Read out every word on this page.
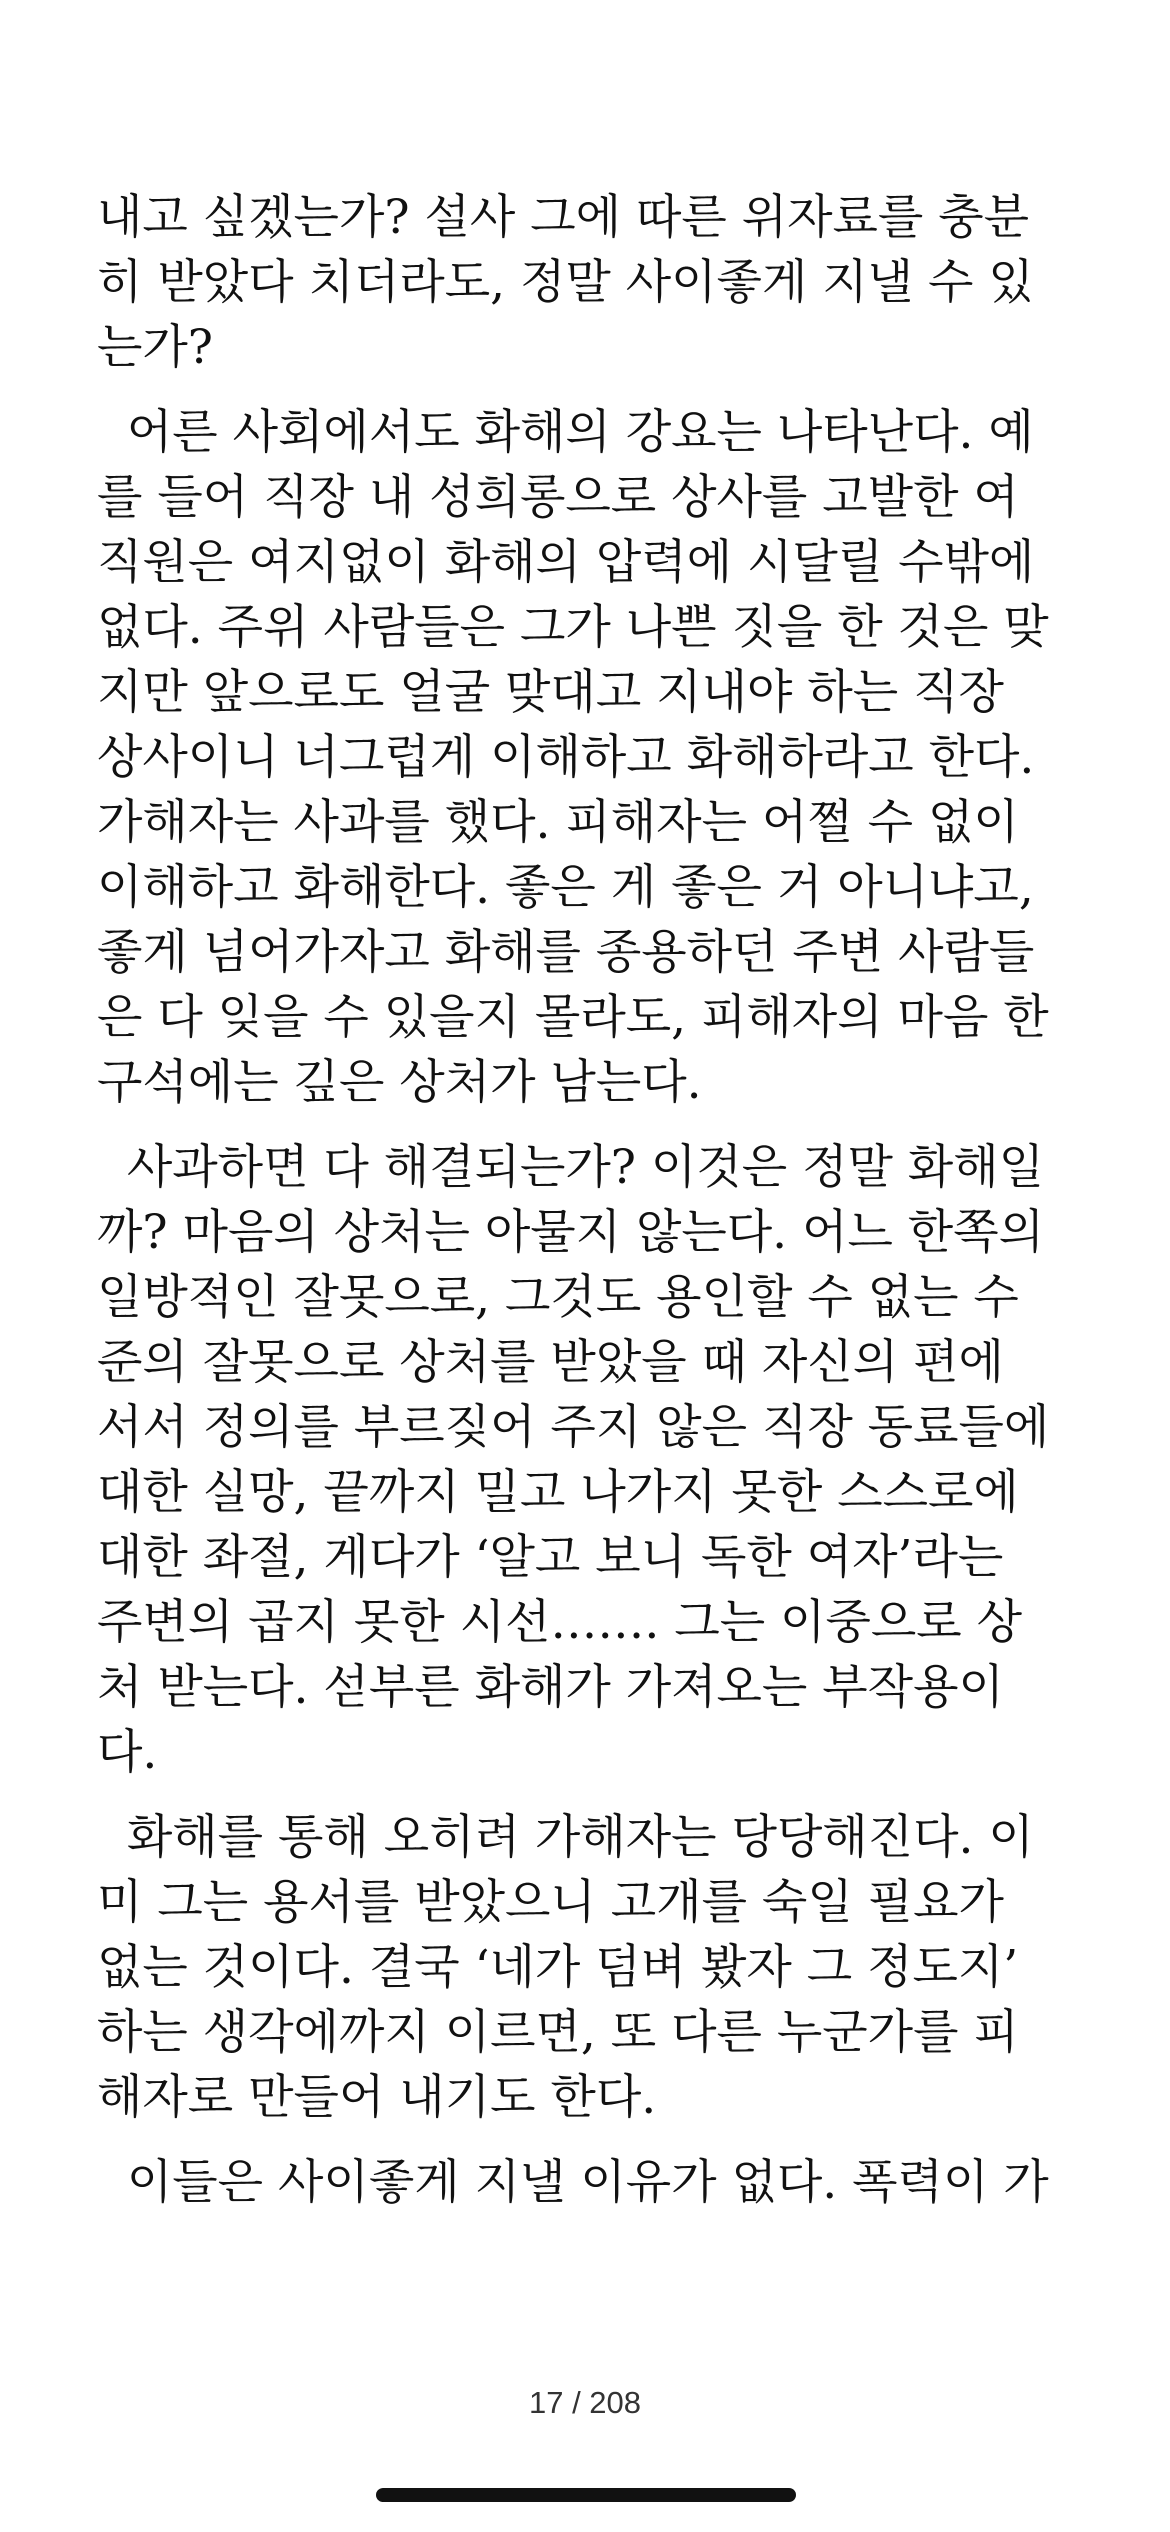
내고 싶겠는가? 설사 그에 따른 위자료를 충분
히 받았다 치더라도, 정말 사이좋게 지낼 수 있
는가?

어른 사회에서도 화해의 강요는 나타난다. 예
를 들어 직장 내 성희롱으로 상사를 고발한 여
직원은 여지없이 화해의 압력에 시달릴 수밖에
없다. 주위 사람들은 그가 나쁜 짓을 한 것은 맞
지만 앞으로도 얼굴 맞대고 지내야 하는 직장
상사이니 너그럽게 이해하고 화해하라고 한다.
가해자는 사과를 했다. 피해자는 어쩔 수 없이
이해하고 화해한다. 좋은 게 좋은 거 아니냐고,
좋게 넘어가자고 화해를 종용하던 주변 사람들
은 다 잊을 수 있을지 몰라도, 피해자의 마음 한
구석에는 깊은 상처가 남는다.

사과하면 다 해결되는가? 이것은 정말 화해일
까? 마음의 상처는 아물지 않는다. 어느 한쪽의
일방적인 잘못으로, 그것도 용인할 수 없는 수
준의 잘못으로 상처를 받았을 때 자신의 편에
서서 정의를 부르짖어 주지 않은 직장 동료들에
대한 실망, 끝까지 밀고 나가지 못한 스스로에
대한 좌절, 게다가 ‘알고 보니 독한 여자’라는
주변의 곱지 못한 시선……. 그는 이중으로 상
처 받는다. 섣부른 화해가 가져오는 부작용이
다.

화해를 통해 오히려 가해자는 당당해진다. 이
미 그는 용서를 받았으니 고개를 숙일 필요가
없는 것이다. 결국 ‘네가 덤벼 봤자 그 정도지’
하는 생각에까지 이르면, 또 다른 누군가를 피
해자로 만들어 내기도 한다.

이들은 사이좋게 지낼 이유가 없다. 폭력이 가

17 / 208
